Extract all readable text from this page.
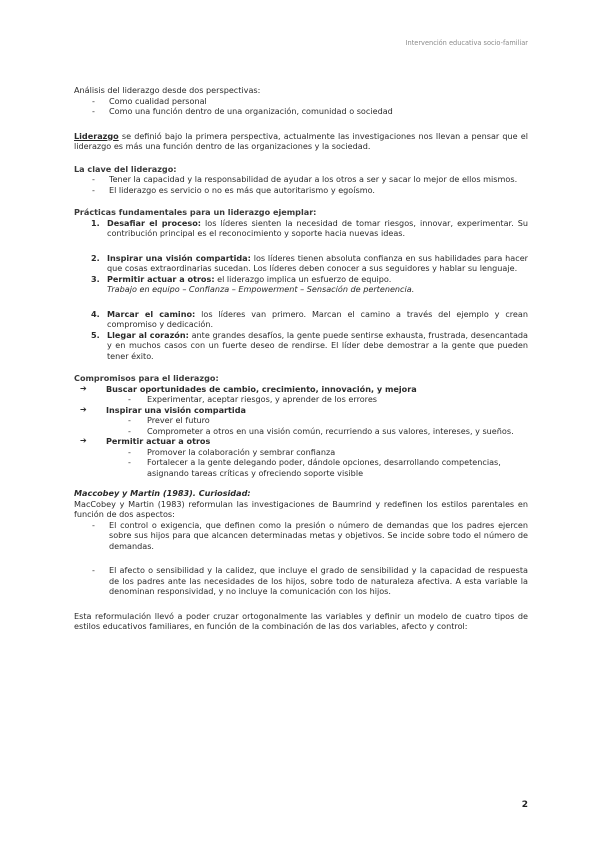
Intervención educativa socio-familiar

Análisis del liderazgo desde dos perspectivas:

- Como cualidad personal

- Como una función dentro de una organización, comunidad o sociedad

Liderazgo se definió bajo la primera perspectiva, actualmente las investigaciones nos llevan a pensar que el liderazgo es más una función dentro de las organizaciones y la sociedad.

La clave del liderazgo:

- Tener la capacidad y la responsabilidad de ayudar a los otros a ser y sacar lo mejor de ellos mismos.

- El liderazgo es servicio o no es más que autoritarismo y egoísmo.

Prácticas fundamentales para un liderazgo ejemplar:

1. Desafiar el proceso: los líderes sienten la necesidad de tomar riesgos, innovar, experimentar. Su contribución principal es el reconocimiento y soporte hacia nuevas ideas.

2. Inspirar una visión compartida: los líderes tienen absoluta confianza en sus habilidades para hacer que cosas extraordinarias sucedan. Los líderes deben conocer a sus seguidores y hablar su lenguaje.

3. Permitir actuar a otros: el liderazgo implica un esfuerzo de equipo.

Trabajo en equipo – Confianza – Empowerment – Sensación de pertenencia.

4. Marcar el camino: los líderes van primero. Marcan el camino a través del ejemplo y crean compromiso y dedicación.

5. Llegar al corazón: ante grandes desafíos, la gente puede sentirse exhausta, frustrada, desencantada y en muchos casos con un fuerte deseo de rendirse. El líder debe demostrar a la gente que pueden tener éxito.

Compromisos para el liderazgo:

➔ Buscar oportunidades de cambio, crecimiento, innovación, y mejora

- Experimentar, aceptar riesgos, y aprender de los errores

➔ Inspirar una visión compartida

- Prever el futuro

- Comprometer a otros en una visión común, recurriendo a sus valores, intereses, y sueños.

➔ Permitir actuar a otros

- Promover la colaboración y sembrar confianza

- Fortalecer a la gente delegando poder, dándole opciones, desarrollando competencias, asignando tareas críticas y ofreciendo soporte visible

Maccobey y Martin (1983). Curiosidad:

MacCobey y Martin (1983) reformulan las investigaciones de Baumrind y redefinen los estilos parentales en función de dos aspectos:

- El control o exigencia, que definen como la presión o número de demandas que los padres ejercen sobre sus hijos para que alcancen determinadas metas y objetivos. Se incide sobre todo el número de demandas.

- El afecto o sensibilidad y la calidez, que incluye el grado de sensibilidad y la capacidad de respuesta de los padres ante las necesidades de los hijos, sobre todo de naturaleza afectiva. A esta variable la denominan responsividad, y no incluye la comunicación con los hijos.

Esta reformulación llevó a poder cruzar ortogonalmente las variables y definir un modelo de cuatro tipos de estilos educativos familiares, en función de la combinación de las dos variables, afecto y control:

2
